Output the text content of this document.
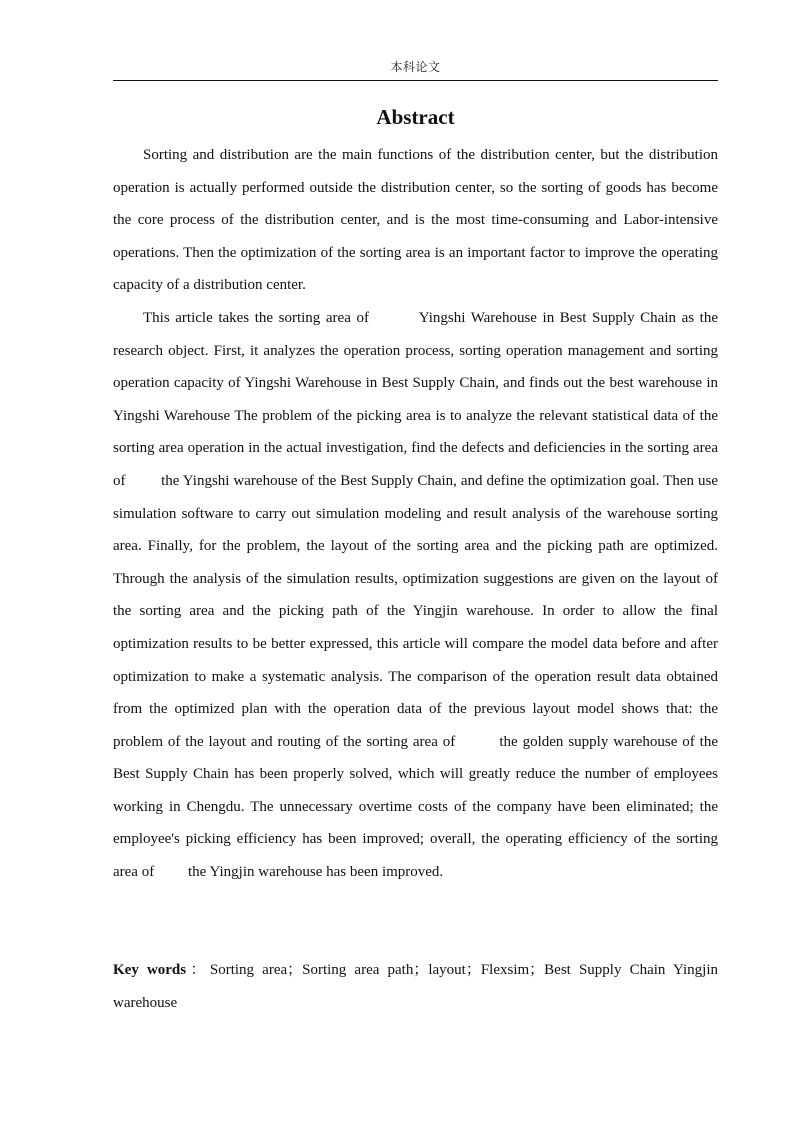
本科论文
Abstract

Sorting and distribution are the main functions of the distribution center, but the distribution operation is actually performed outside the distribution center, so the sorting of goods has become the core process of the distribution center, and is the most time-consuming and Labor-intensive operations. Then the optimization of the sorting area is an important factor to improve the operating capacity of a distribution center.

This article takes the sorting area of         Yingshi Warehouse in Best Supply Chain as the research object. First, it analyzes the operation process, sorting operation management and sorting operation capacity of Yingshi Warehouse in Best Supply Chain, and finds out the best warehouse in Yingshi Warehouse The problem of the picking area is to analyze the relevant statistical data of the sorting area operation in the actual investigation, find the defects and deficiencies in the sorting area of         the Yingshi warehouse of the Best Supply Chain, and define the optimization goal. Then use simulation software to carry out simulation modeling and result analysis of the warehouse sorting area. Finally, for the problem, the layout of the sorting area and the picking path are optimized. Through the analysis of the simulation results, optimization suggestions are given on the layout of the sorting area and the picking path of the Yingjin warehouse. In order to allow the final optimization results to be better expressed, this article will compare the model data before and after optimization to make a systematic analysis. The comparison of the operation result data obtained from the optimized plan with the operation data of the previous layout model shows that: the problem of the layout and routing of the sorting area of         the golden supply warehouse of the Best Supply Chain has been properly solved, which will greatly reduce the number of employees working in Chengdu. The unnecessary overtime costs of the company have been eliminated; the employee's picking efficiency has been improved; overall, the operating efficiency of the sorting area of         the Yingjin warehouse has been improved.

Key words：Sorting area；Sorting area path；layout；Flexsim；Best Supply Chain Yingjin warehouse
